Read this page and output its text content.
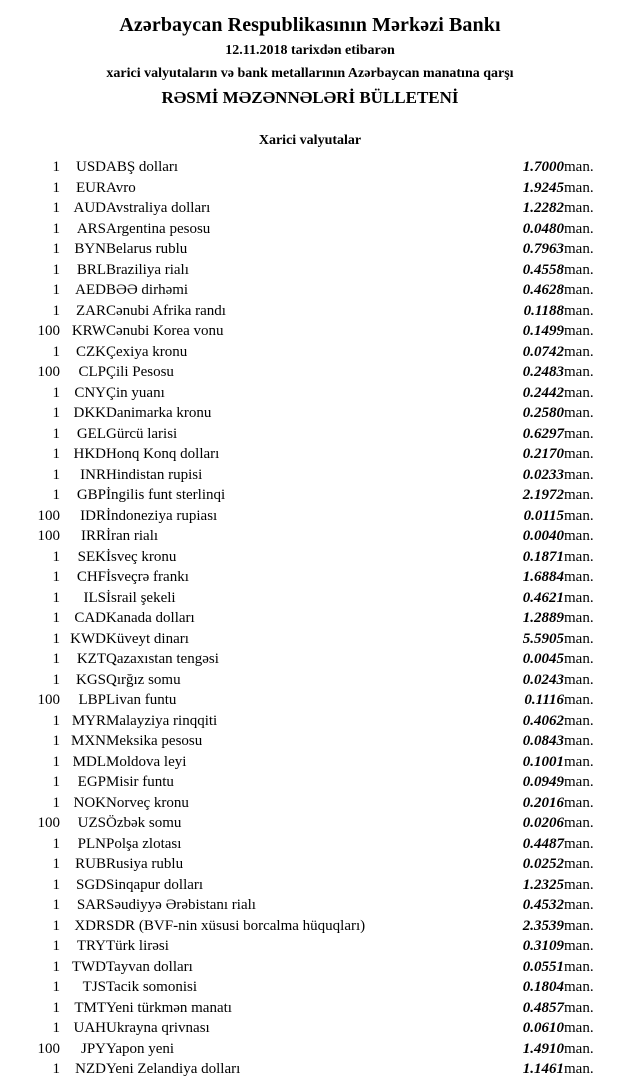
Azərbaycan Respublikasının Mərkəzi Bankı
12.11.2018 tarixdən etibarən
xarici valyutaların və bank metallarının Azərbaycan manatına qarşı
RƏSMİ MƏZƏNNƏLƏRİ BÜLLETENİ
Xarici valyutalar
1	USD	ABŞ dolları	1.7000	man.
1	EUR	Avro	1.9245	man.
1	AUD	Avstraliya dolları	1.2282	man.
1	ARS	Argentina pesosu	0.0480	man.
1	BYN	Belarus rublu	0.7963	man.
1	BRL	Braziliya rialı	0.4558	man.
1	AED	BƏƏ dirhəmi	0.4628	man.
1	ZAR	Cənubi Afrika randı	0.1188	man.
100	KRW	Cənubi Korea vonu	0.1499	man.
1	CZK	Çexiya kronu	0.0742	man.
100	CLP	Çili Pesosu	0.2483	man.
1	CNY	Çin yuanı	0.2442	man.
1	DKK	Danimarka kronu	0.2580	man.
1	GEL	Gürcü larisi	0.6297	man.
1	HKD	Honq Konq dolları	0.2170	man.
1	INR	Hindistan rupisi	0.0233	man.
1	GBP	İngilis funt sterlinqi	2.1972	man.
100	IDR	İndoneziya rupiası	0.0115	man.
100	IRR	İran rialı	0.0040	man.
1	SEK	İsveç kronu	0.1871	man.
1	CHF	İsveçrə frankı	1.6884	man.
1	ILS	İsrail şekeli	0.4621	man.
1	CAD	Kanada dolları	1.2889	man.
1	KWD	Küveyt dinarı	5.5905	man.
1	KZT	Qazaxıstan tengəsi	0.0045	man.
1	KGS	Qırğız somu	0.0243	man.
100	LBP	Livan funtu	0.1116	man.
1	MYR	Malayziya rinqqiti	0.4062	man.
1	MXN	Meksika pesosu	0.0843	man.
1	MDL	Moldova leyi	0.1001	man.
1	EGP	Misir funtu	0.0949	man.
1	NOK	Norveç kronu	0.2016	man.
100	UZS	Özbək somu	0.0206	man.
1	PLN	Polşa zlotası	0.4487	man.
1	RUB	Rusiya rublu	0.0252	man.
1	SGD	Sinqapur dolları	1.2325	man.
1	SAR	Səudiyyə Ərəbistanı rialı	0.4532	man.
1	XDR	SDR (BVF-nin xüsusi borcalma hüquqları)	2.3539	man.
1	TRY	Türk lirəsi	0.3109	man.
1	TWD	Tayvan dolları	0.0551	man.
1	TJS	Tacik somonisi	0.1804	man.
1	TMT	Yeni türkmən manatı	0.4857	man.
1	UAH	Ukrayna qrivnası	0.0610	man.
100	JPY	Yapon yeni	1.4910	man.
1	NZD	Yeni Zelandiya dolları	1.1461	man.
